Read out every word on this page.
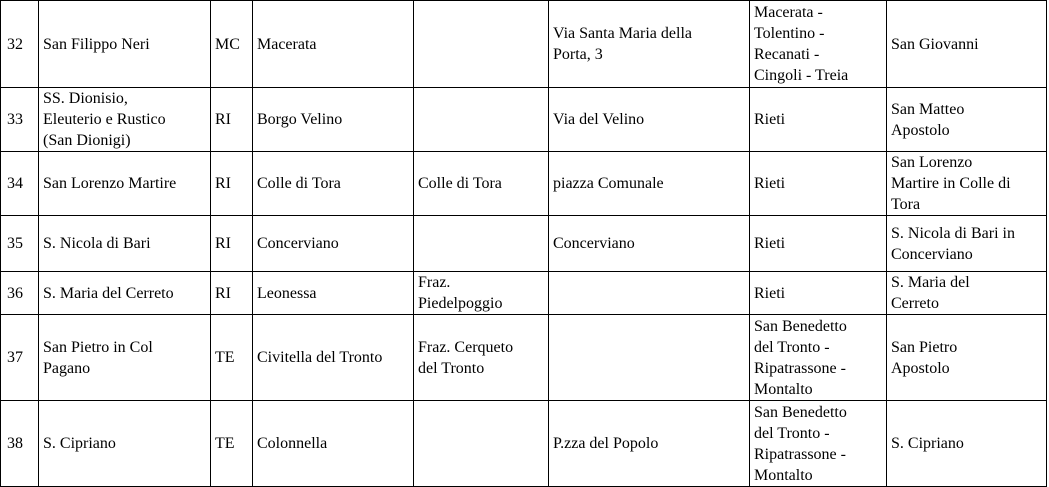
32	San Filippo Neri	MC	Macerata		Via Santa Maria della
Porta, 3	Macerata -
Tolentino -
Recanati -
Cingoli - Treia	San Giovanni

33	SS. Dionisio,
Eleuterio e Rustico
(San Dionigi)	RI	Borgo Velino		Via del Velino	Rieti	San Matteo
Apostolo

34	San Lorenzo Martire	RI	Colle di Tora	Colle di Tora	piazza Comunale	Rieti	San Lorenzo
Martire in Colle di
Tora

35	S. Nicola di Bari	RI	Concerviano		Concerviano	Rieti	S. Nicola di Bari in
Concerviano

36	S. Maria del Cerreto	RI	Leonessa	Fraz.
Piedelpoggio		Rieti	S. Maria del
Cerreto

37	San Pietro in Col
Pagano	TE	Civitella del Tronto	Fraz. Cerqueto
del Tronto		San Benedetto
del Tronto -
Ripatrassone -
Montalto	San Pietro
Apostolo

38	S. Cipriano	TE	Colonnella		P.zza del Popolo	San Benedetto
del Tronto -
Ripatrassone -
Montalto	S. Cipriano
